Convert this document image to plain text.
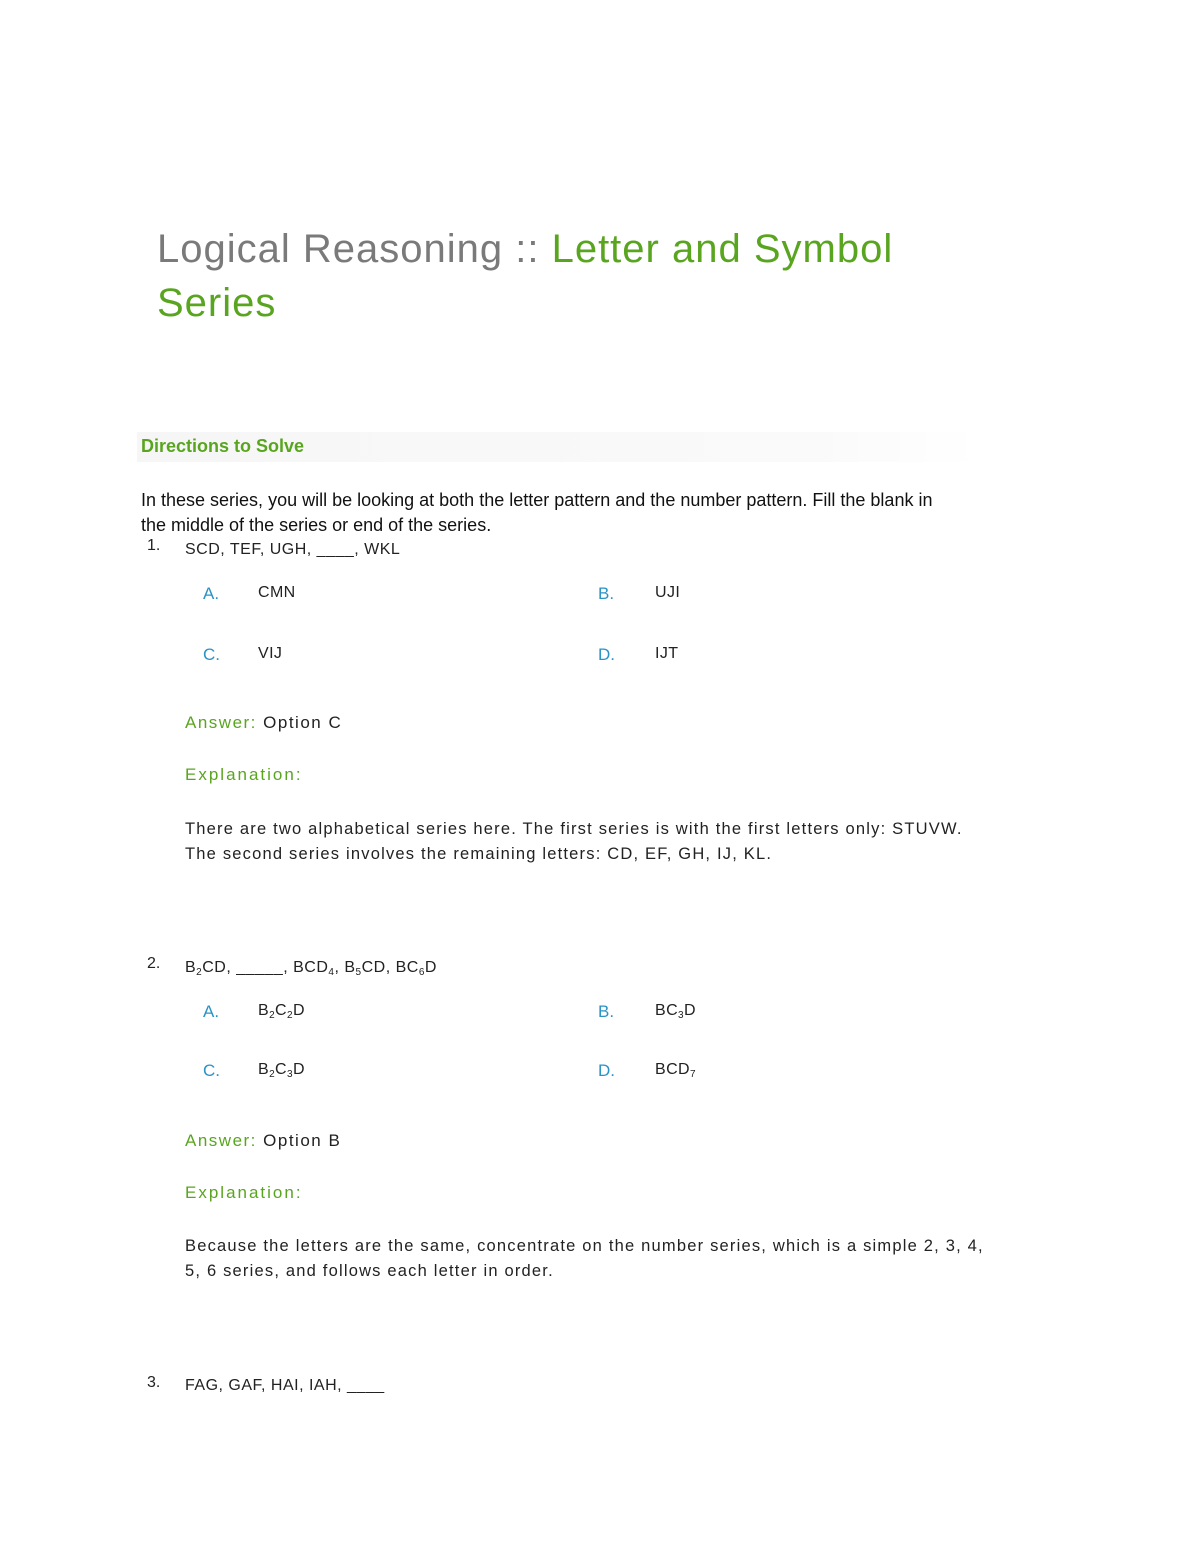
Logical Reasoning :: Letter and Symbol Series
Directions to Solve
In these series, you will be looking at both the letter pattern and the number pattern. Fill the blank in the middle of the series or end of the series.
1. SCD, TEF, UGH, ____, WKL
A. CMN	B.	UJI
C. VIJ	D.	IJT
Answer: Option C
Explanation:
There are two alphabetical series here. The first series is with the first letters only: STUVW. The second series involves the remaining letters: CD, EF, GH, IJ, KL.
2. $B_2CD$, _____, $BCD_4$, $B_5CD$, $BC_6D$
A. $B_2C_2D$	B.	$BC_3D$
C. $B_2C_3D$	D.	$BCD_7$
Answer: Option B
Explanation:
Because the letters are the same, concentrate on the number series, which is a simple 2, 3, 4, 5, 6 series, and follows each letter in order.
3. FAG, GAF, HAI, IAH, ____
